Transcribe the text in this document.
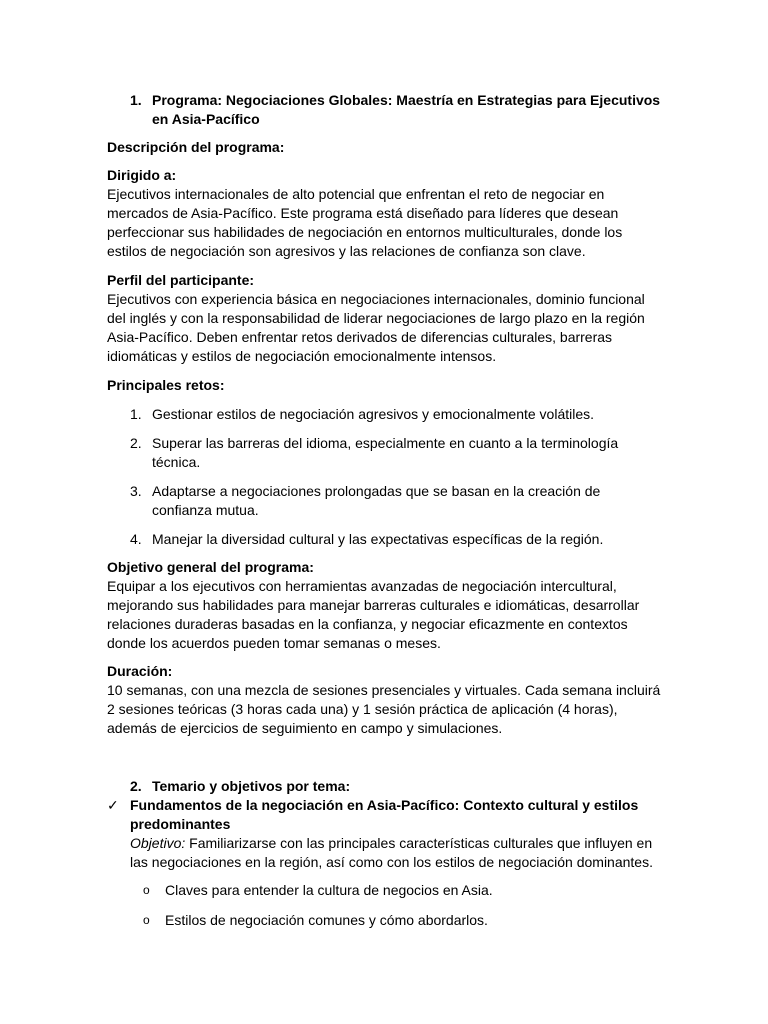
1. Programa: Negociaciones Globales: Maestría en Estrategias para Ejecutivos en Asia-Pacífico
Descripción del programa:
Dirigido a:
Ejecutivos internacionales de alto potencial que enfrentan el reto de negociar en mercados de Asia-Pacífico. Este programa está diseñado para líderes que desean perfeccionar sus habilidades de negociación en entornos multiculturales, donde los estilos de negociación son agresivos y las relaciones de confianza son clave.
Perfil del participante:
Ejecutivos con experiencia básica en negociaciones internacionales, dominio funcional del inglés y con la responsabilidad de liderar negociaciones de largo plazo en la región Asia-Pacífico. Deben enfrentar retos derivados de diferencias culturales, barreras idiomáticas y estilos de negociación emocionalmente intensos.
Principales retos:
1. Gestionar estilos de negociación agresivos y emocionalmente volátiles.
2. Superar las barreras del idioma, especialmente en cuanto a la terminología técnica.
3. Adaptarse a negociaciones prolongadas que se basan en la creación de confianza mutua.
4. Manejar la diversidad cultural y las expectativas específicas de la región.
Objetivo general del programa:
Equipar a los ejecutivos con herramientas avanzadas de negociación intercultural, mejorando sus habilidades para manejar barreras culturales e idiomáticas, desarrollar relaciones duraderas basadas en la confianza, y negociar eficazmente en contextos donde los acuerdos pueden tomar semanas o meses.
Duración:
10 semanas, con una mezcla de sesiones presenciales y virtuales. Cada semana incluirá 2 sesiones teóricas (3 horas cada una) y 1 sesión práctica de aplicación (4 horas), además de ejercicios de seguimiento en campo y simulaciones.
2. Temario y objetivos por tema:
✓ Fundamentos de la negociación en Asia-Pacífico: Contexto cultural y estilos predominantes
Objetivo: Familiarizarse con las principales características culturales que influyen en las negociaciones en la región, así como con los estilos de negociación dominantes.
o Claves para entender la cultura de negocios en Asia.
o Estilos de negociación comunes y cómo abordarlos.
